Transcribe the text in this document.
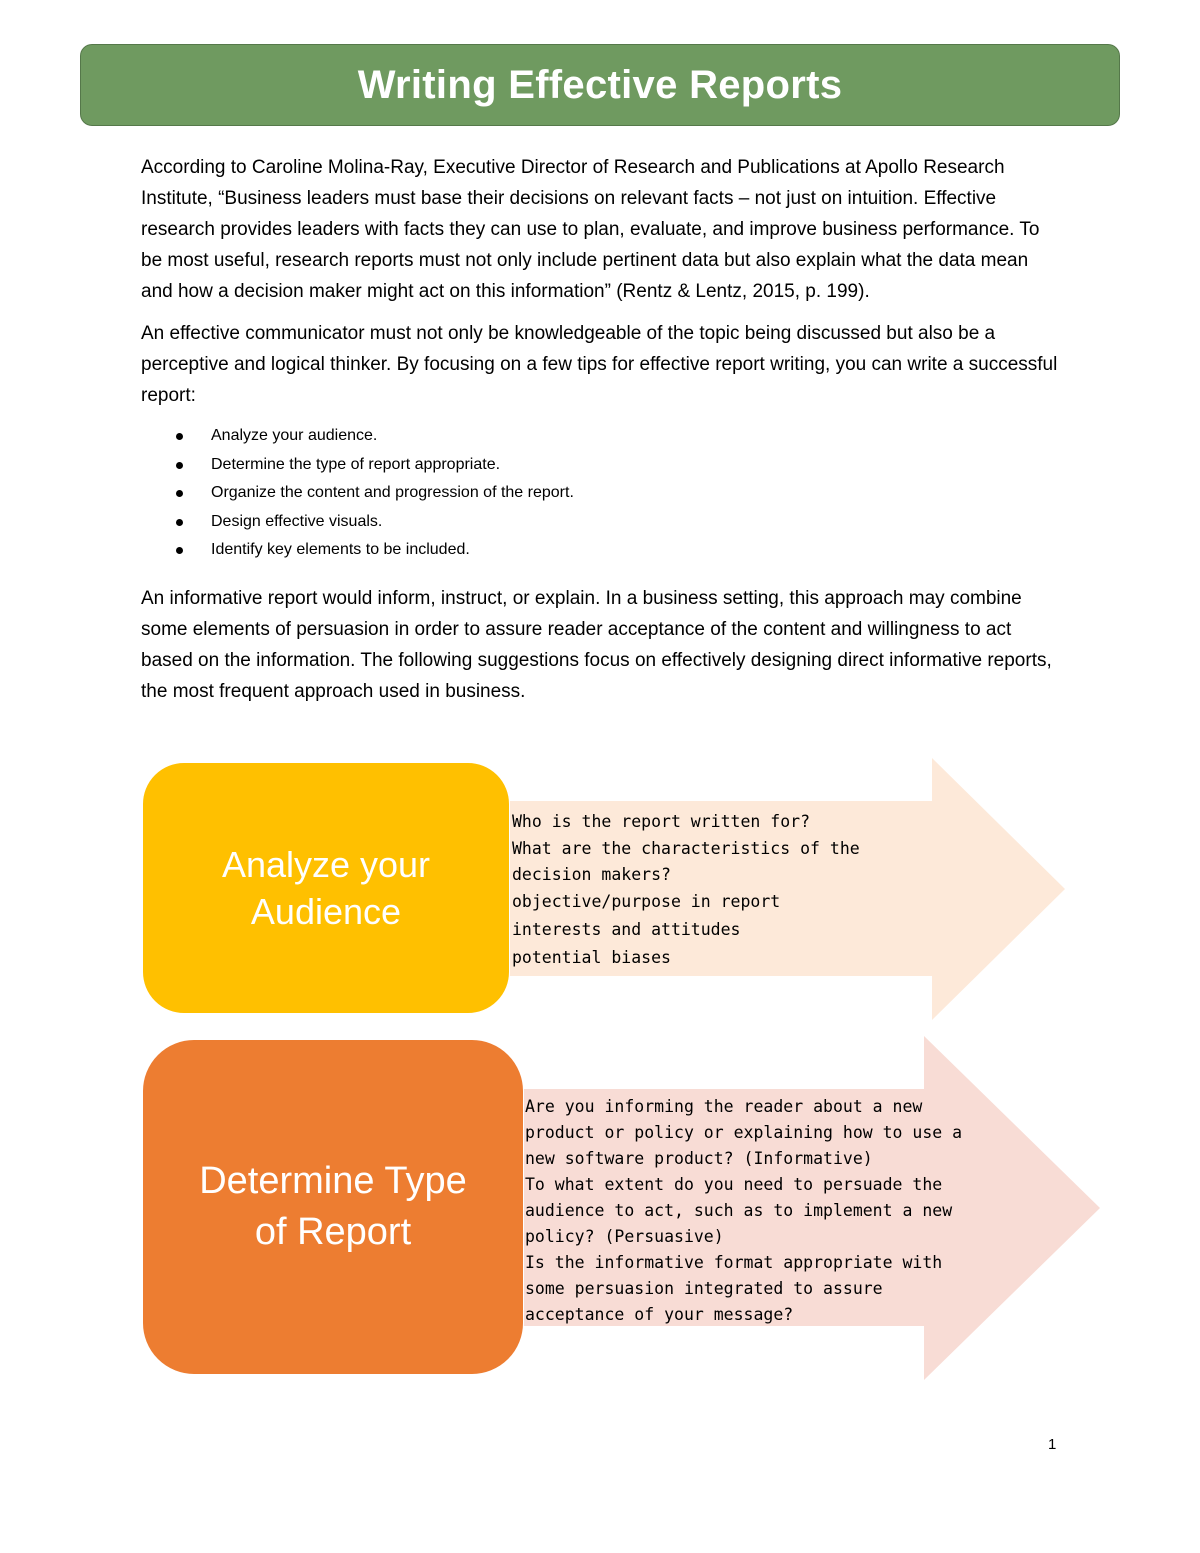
Writing Effective Reports

According to Caroline Molina-Ray, Executive Director of Research and Publications at Apollo Research Institute, “Business leaders must base their decisions on relevant facts – not just on intuition. Effective research provides leaders with facts they can use to plan, evaluate, and improve business performance. To be most useful, research reports must not only include pertinent data but also explain what the data mean and how a decision maker might act on this information” (Rentz & Lentz, 2015, p. 199).

An effective communicator must not only be knowledgeable of the topic being discussed but also be a perceptive and logical thinker. By focusing on a few tips for effective report writing, you can write a successful report:

Analyze your audience.
Determine the type of report appropriate.
Organize the content and progression of the report.
Design effective visuals.
Identify key elements to be included.

An informative report would inform, instruct, or explain. In a business setting, this approach may combine some elements of persuasion in order to assure reader acceptance of the content and willingness to act based on the information. The following suggestions focus on effectively designing direct informative reports, the most frequent approach used in business.

Analyze your
Audience
Who is the report written for?
What are the characteristics of the decision makers?
objective/purpose in report
interests and attitudes
potential biases
Determine Type
of Report
Are you informing the reader about a new product or policy or explaining how to use a new software product? (Informative)
To what extent do you need to persuade the audience to act, such as to implement a new policy? (Persuasive)
Is the informative format appropriate with some persuasion integrated to assure acceptance of your message?
1
